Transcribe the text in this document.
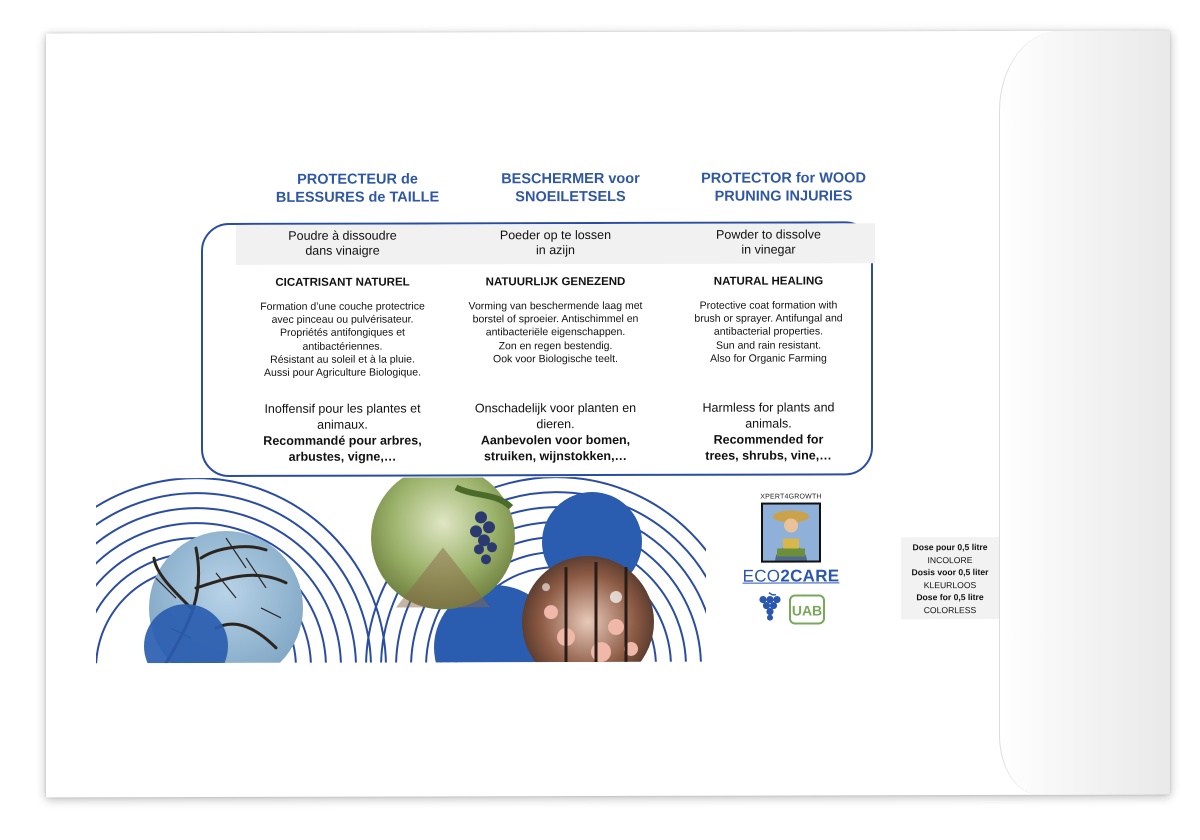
PROTECTEUR de
BLESSURES de TAILLE
BESCHERMER voor
SNOEILETSELS
PROTECTOR for WOOD
PRUNING INJURIES
Poudre à dissoudre
dans vinaigre
CICATRISANT NATUREL
Formation d’une couche protectrice
avec pinceau ou pulvérisateur.
Propriétés antifongiques et
antibactériennes.
Résistant au soleil et à la pluie.
Aussi pour Agriculture Biologique.
Poeder op te lossen
in azijn
NATUURLIJK GENEZEND
Vorming van beschermende laag met
borstel of sproeier. Antischimmel en
antibacteriële eigenschappen.
Zon en regen bestendig.
Ook voor Biologische teelt.
Powder to dissolve
in vinegar
NATURAL HEALING
Protective coat formation with
brush or sprayer. Antifungal and
antibacterial properties.
Sun and rain resistant.
Also for Organic Farming
Inoffensif pour les plantes et
animaux.
Recommandé pour arbres,
arbustes, vigne,…
Onschadelijk voor planten en
dieren.
Aanbevolen voor bomen,
struiken, wijnstokken,…
Harmless for plants and
animals.
Recommended for
trees, shrubs, vine,…
XPERT4GROWTH
ECO2CARE
UAB
Dose pour 0,5 litre
INCOLORE
Dosis voor 0,5 liter
KLEURLOOS
Dose for 0,5 litre
COLORLESS
